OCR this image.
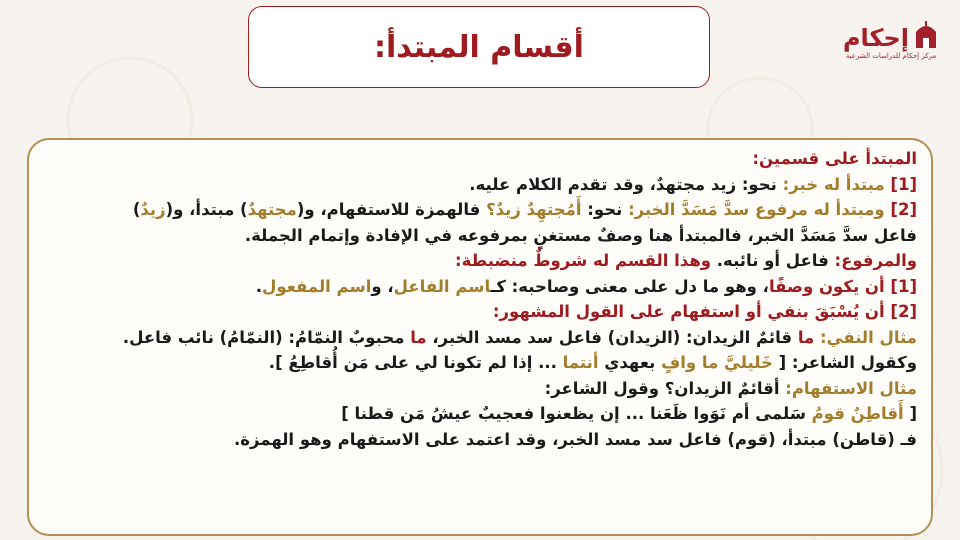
أقسام المبتدأ:	إحكام
مركز إحكام للدراسات الشرعية
المبتدأ على قسمين:
[1] مبتدأ له خبر: نحو: زيد مجتهدٌ، وقد تقدم الكلام عليه.
[2] ومبتدأ له مرفوع سدَّ مَسَدَّ الخبر: نحو: أَمُجتهِدٌ زيدٌ؟ فالهمزة للاستفهام، و(مجتهدٌ) مبتدأ، و(زيدٌ)
فاعل سدَّ مَسَدَّ الخبر، فالمبتدأ هنا وصفٌ مستغنٍ بمرفوعه في الإفادة وإتمام الجملة.
والمرفوع: فاعل أو نائبه. وهذا القسم له شروطٌ منضبطة:
[1] أن يكون وصفًا، وهو ما دل على معنى وصاحبه: كـاسم الفاعل، واسم المفعول.
[2] أن يُسْبَقَ بنفي أو استفهام على القول المشهور:
مثال النفي: ما قائمٌ الزيدان: (الزيدان) فاعل سد مسد الخبر، ما محبوبٌ النمّامُ: (النمّامُ) نائب فاعل.
وكقول الشاعر: [ خَليليَّ ما وافٍ بعهدي أنتما ... إذا لم تكونا لي على مَن أُقاطِعُ ].
مثال الاستفهام: أقائمٌ الزيدان؟ وقول الشاعر:
[ أَقاطِنٌ قومُ سَلمى أم نَوَوا ظَعَنا ... إن يظعنوا فعجيبٌ عيشُ مَن قطنا ]
فـ (قاطن) مبتدأ، (قوم) فاعل سد مسد الخبر، وقد اعتمد على الاستفهام وهو الهمزة.
